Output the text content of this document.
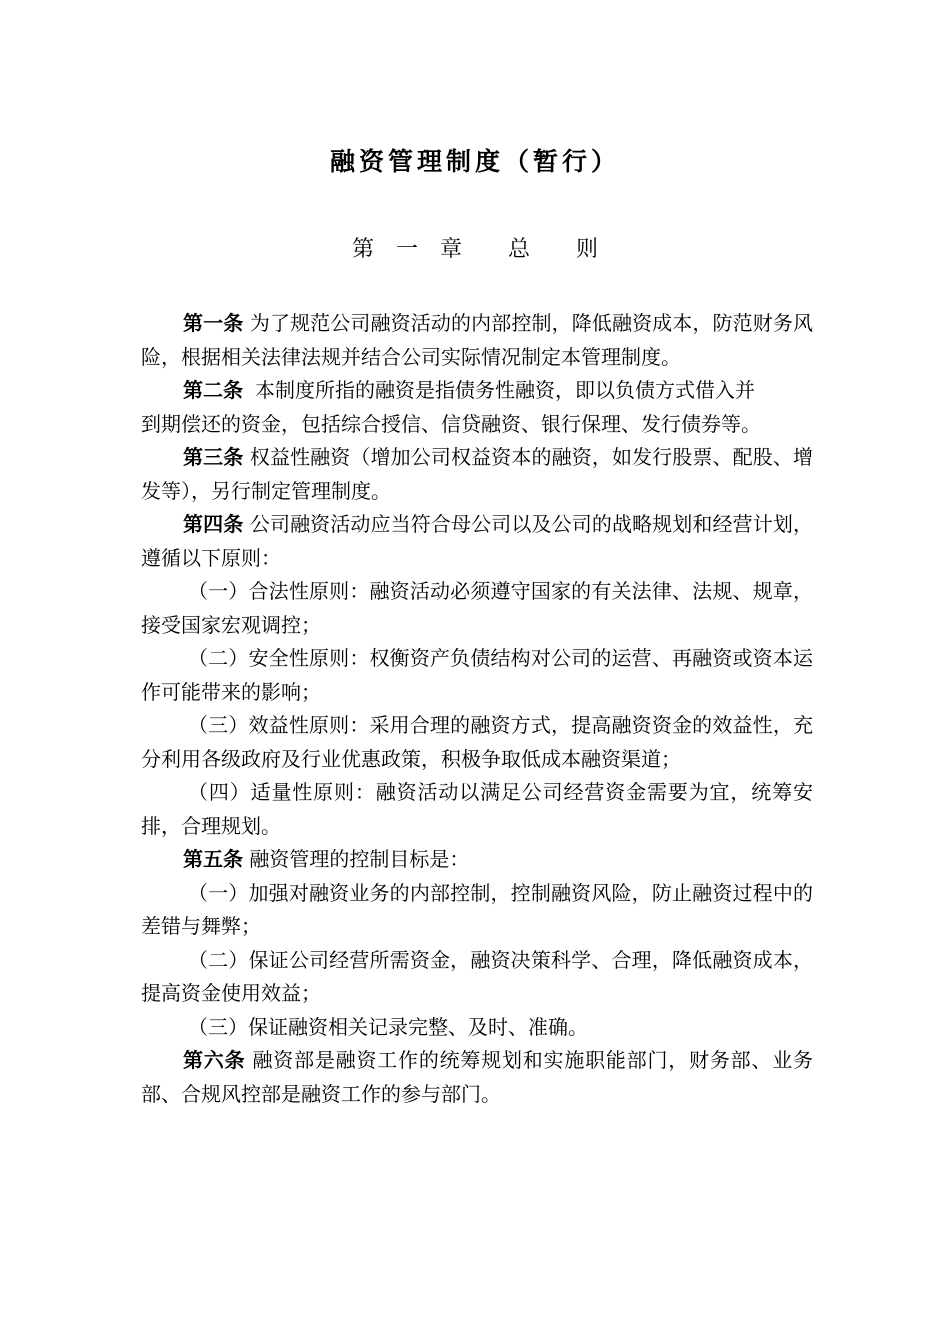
融资管理制度（暂行）
第 一 章 总 则

第一条 为了规范公司融资活动的内部控制，降低融资成本，防范财务风险，根据相关法律法规并结合公司实际情况制定本管理制度。

第二条 本制度所指的融资是指债务性融资，即以负债方式借入并

到期偿还的资金，包括综合授信、信贷融资、银行保理、发行债券等。

第三条 权益性融资（增加公司权益资本的融资，如发行股票、配股、增发等），另行制定管理制度。

第四条 公司融资活动应当符合母公司以及公司的战略规划和经营计划，遵循以下原则：

（一）合法性原则：融资活动必须遵守国家的有关法律、法规、规章，接受国家宏观调控；

（二）安全性原则：权衡资产负债结构对公司的运营、再融资或资本运作可能带来的影响；

（三）效益性原则：采用合理的融资方式，提高融资资金的效益性，充分利用各级政府及行业优惠政策，积极争取低成本融资渠道；

（四）适量性原则：融资活动以满足公司经营资金需要为宜，统筹安排，合理规划。

第五条 融资管理的控制目标是：

（一）加强对融资业务的内部控制，控制融资风险，防止融资过程中的差错与舞弊；

（二）保证公司经营所需资金，融资决策科学、合理，降低融资成本，提高资金使用效益；

（三）保证融资相关记录完整、及时、准确。

第六条 融资部是融资工作的统筹规划和实施职能部门，财务部、业务部、合规风控部是融资工作的参与部门。
